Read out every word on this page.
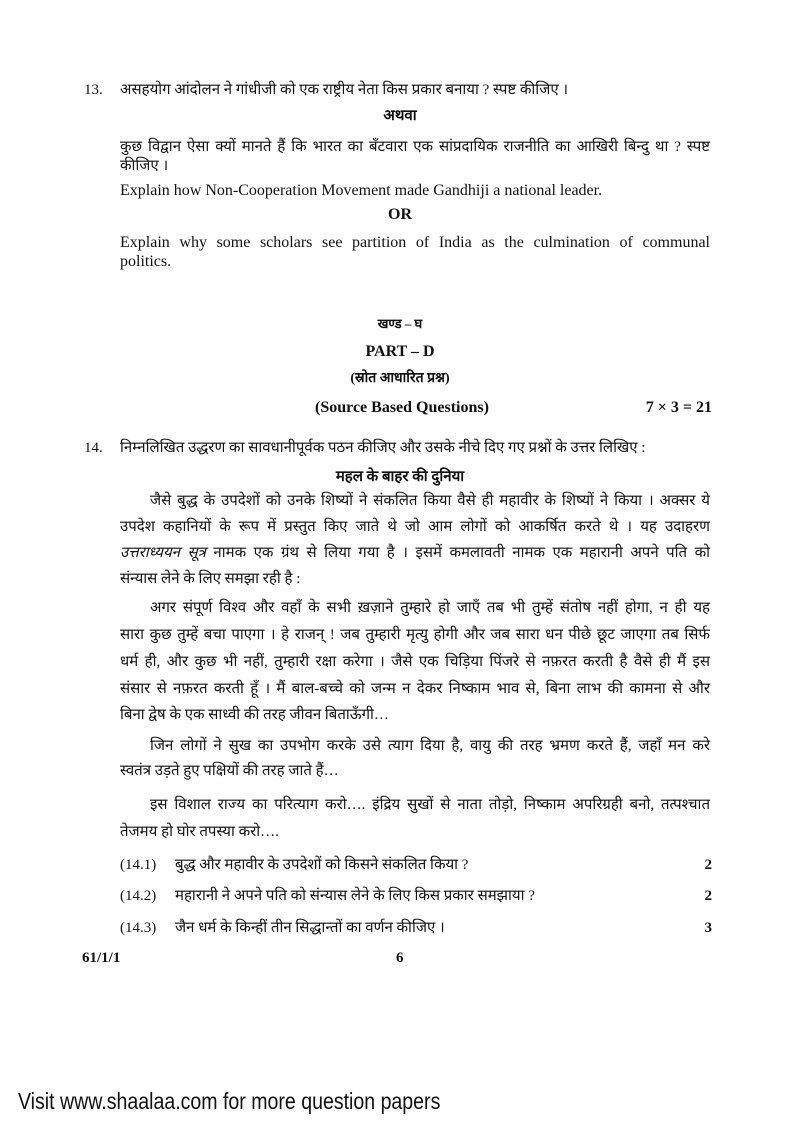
13. असहयोग आंदोलन ने गांधीजी को एक राष्ट्रीय नेता किस प्रकार बनाया ? स्पष्ट कीजिए ।
अथवा
कुछ विद्वान ऐसा क्यों मानते हैं कि भारत का बँटवारा एक सांप्रदायिक राजनीति का आखिरी बिन्दु था ? स्पष्ट
कीजिए ।
Explain how Non-Cooperation Movement made Gandhiji a national leader.
OR
Explain why some scholars see partition of India as the culmination of communal
politics.
खण्ड – घ
PART – D
(स्रोत आधारित प्रश्न)
(Source Based Questions)	7 × 3 = 21
14. निम्नलिखित उद्धरण का सावधानीपूर्वक पठन कीजिए और उसके नीचे दिए गए प्रश्नों के उत्तर लिखिए :
महल के बाहर की दुनिया
जैसे बुद्ध के उपदेशों को उनके शिष्यों ने संकलित किया वैसे ही महावीर के शिष्यों ने किया । अक्सर ये
उपदेश कहानियों के रूप में प्रस्तुत किए जाते थे जो आम लोगों को आकर्षित करते थे । यह उदाहरण
उत्तराध्ययन सूत्र नामक एक ग्रंथ से लिया गया है । इसमें कमलावती नामक एक महारानी अपने पति को
संन्यास लेने के लिए समझा रही है :
अगर संपूर्ण विश्व और वहाँ के सभी ख़ज़ाने तुम्हारे हो जाएँ तब भी तुम्हें संतोष नहीं होगा, न ही यह
सारा कुछ तुम्हें बचा पाएगा । हे राजन् ! जब तुम्हारी मृत्यु होगी और जब सारा धन पीछे छूट जाएगा तब सिर्फ
धर्म ही, और कुछ भी नहीं, तुम्हारी रक्षा करेगा । जैसे एक चिड़िया पिंजरे से नफ़रत करती है वैसे ही मैं इस
संसार से नफ़रत करती हूँ । मैं बाल-बच्चे को जन्म न देकर निष्काम भाव से, बिना लाभ की कामना से और
बिना द्वेष के एक साध्वी की तरह जीवन बिताऊँगी…
जिन लोगों ने सुख का उपभोग करके उसे त्याग दिया है, वायु की तरह भ्रमण करते हैं, जहाँ मन करे
स्वतंत्र उड़ते हुए पक्षियों की तरह जाते हैं…
इस विशाल राज्य का परित्याग करो…. इंद्रिय सुखों से नाता तोड़ो, निष्काम अपरिग्रही बनो, तत्पश्चात
तेजमय हो घोर तपस्या करो….
(14.1) बुद्ध और महावीर के उपदेशों को किसने संकलित किया ?	2
(14.2) महारानी ने अपने पति को संन्यास लेने के लिए किस प्रकार समझाया ?	2
(14.3) जैन धर्म के किन्हीं तीन सिद्धान्तों का वर्णन कीजिए ।	3
61/1/1	6
Visit www.shaalaa.com for more question papers
